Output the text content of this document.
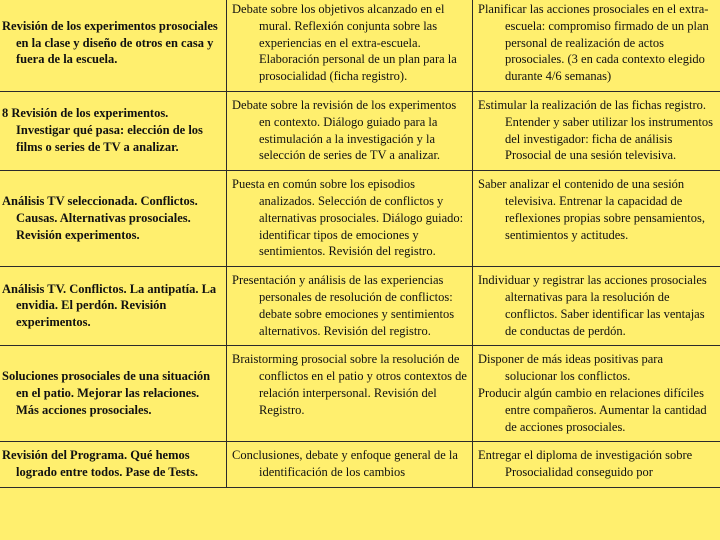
Revisión de los experimentos prosociales en la clase y diseño de otros en casa y fuera de la escuela.	Debate sobre los objetivos alcanzado en el mural. Reflexión conjunta sobre las experiencias en el extra-escuela. Elaboración personal de un plan para la prosocialidad (ficha registro).	Planificar las acciones prosociales en el extra-escuela: compromiso firmado de un plan personal de realización de actos prosociales. (3 en cada contexto elegido durante 4/6 semanas)

8 Revisión de los experimentos. Investigar qué pasa: elección de los films o series de TV a analizar.	Debate sobre la revisión de los experimentos en contexto. Diálogo guiado para la estimulación a la investigación y la selección de series de TV a analizar.	Estimular la realización de las fichas registro. Entender y saber utilizar los instrumentos del investigador: ficha de análisis Prosocial de una sesión televisiva.

Análisis TV seleccionada. Conflictos. Causas. Alternativas prosociales. Revisión experimentos.	Puesta en común sobre los episodios analizados. Selección de conflictos y alternativas prosociales. Diálogo guiado: identificar tipos de emociones y sentimientos. Revisión del registro.	Saber analizar el contenido de una sesión televisiva. Entrenar la capacidad de reflexiones propias sobre pensamientos, sentimientos y actitudes.

Análisis TV. Conflictos. La antipatía. La envidia. El perdón. Revisión experimentos.	Presentación y análisis de las experiencias personales de resolución de conflictos: debate sobre emociones y sentimientos alternativos. Revisión del registro.	Individuar y registrar las acciones prosociales alternativas para la resolución de conflictos. Saber identificar las ventajas de conductas de perdón.

Soluciones prosociales de una situación en el patio. Mejorar las relaciones. Más acciones prosociales.	Braistorming prosocial sobre la resolución de conflictos en el patio y otros contextos de relación interpersonal. Revisión del Registro.	Disponer de más ideas positivas para solucionar los conflictos.
Producir algún cambio en relaciones difíciles entre compañeros. Aumentar la cantidad de acciones prosociales.

Revisión del Programa. Qué hemos logrado entre todos. Pase de Tests.	Conclusiones, debate y enfoque general de la identificación de los cambios	Entregar el diploma de investigación sobre Prosocialidad conseguido por
